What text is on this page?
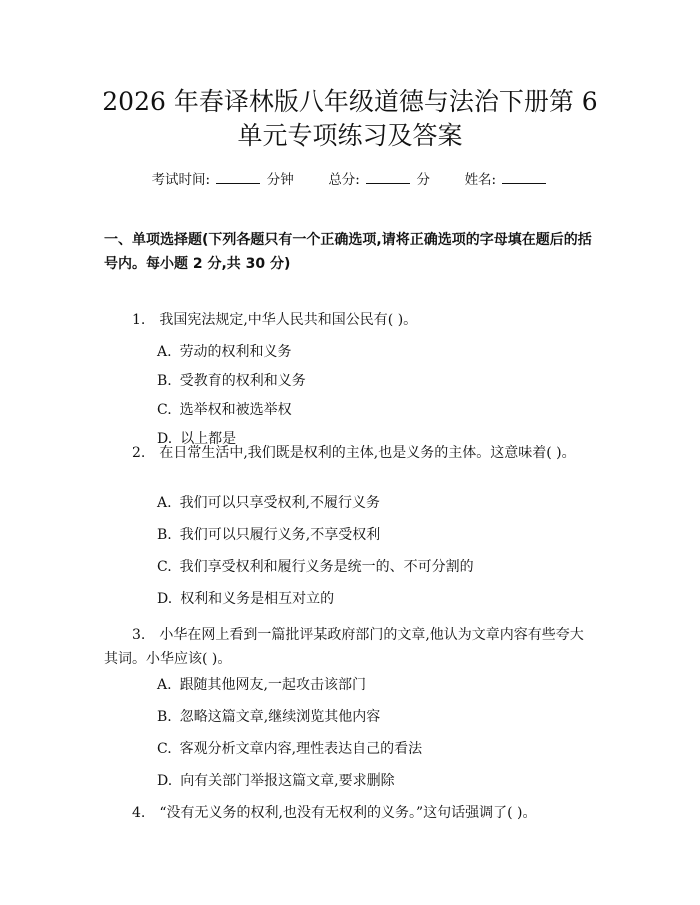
2026 年春译林版八年级道德与法治下册第 6
单元专项练习及答案
考试时间:	分钟	总分:	分	姓名:
一、单项选择题(下列各题只有一个正确选项,请将正确选项的字母填在题后的括号内。每小题 2 分,共 30 分)
1. 我国宪法规定,中华人民共和国公民有( )。
A. 劳动的权利和义务
B. 受教育的权利和义务
C. 选举权和被选举权
D. 以上都是
2. 在日常生活中,我们既是权利的主体,也是义务的主体。这意味着( )。
A. 我们可以只享受权利,不履行义务
B. 我们可以只履行义务,不享受权利
C. 我们享受权利和履行义务是统一的、不可分割的
D. 权利和义务是相互对立的
3. 小华在网上看到一篇批评某政府部门的文章,他认为文章内容有些夸大其词。小华应该( )。
A. 跟随其他网友,一起攻击该部门
B. 忽略这篇文章,继续浏览其他内容
C. 客观分析文章内容,理性表达自己的看法
D. 向有关部门举报这篇文章,要求删除
4. “没有无义务的权利,也没有无权利的义务。”这句话强调了( )。
